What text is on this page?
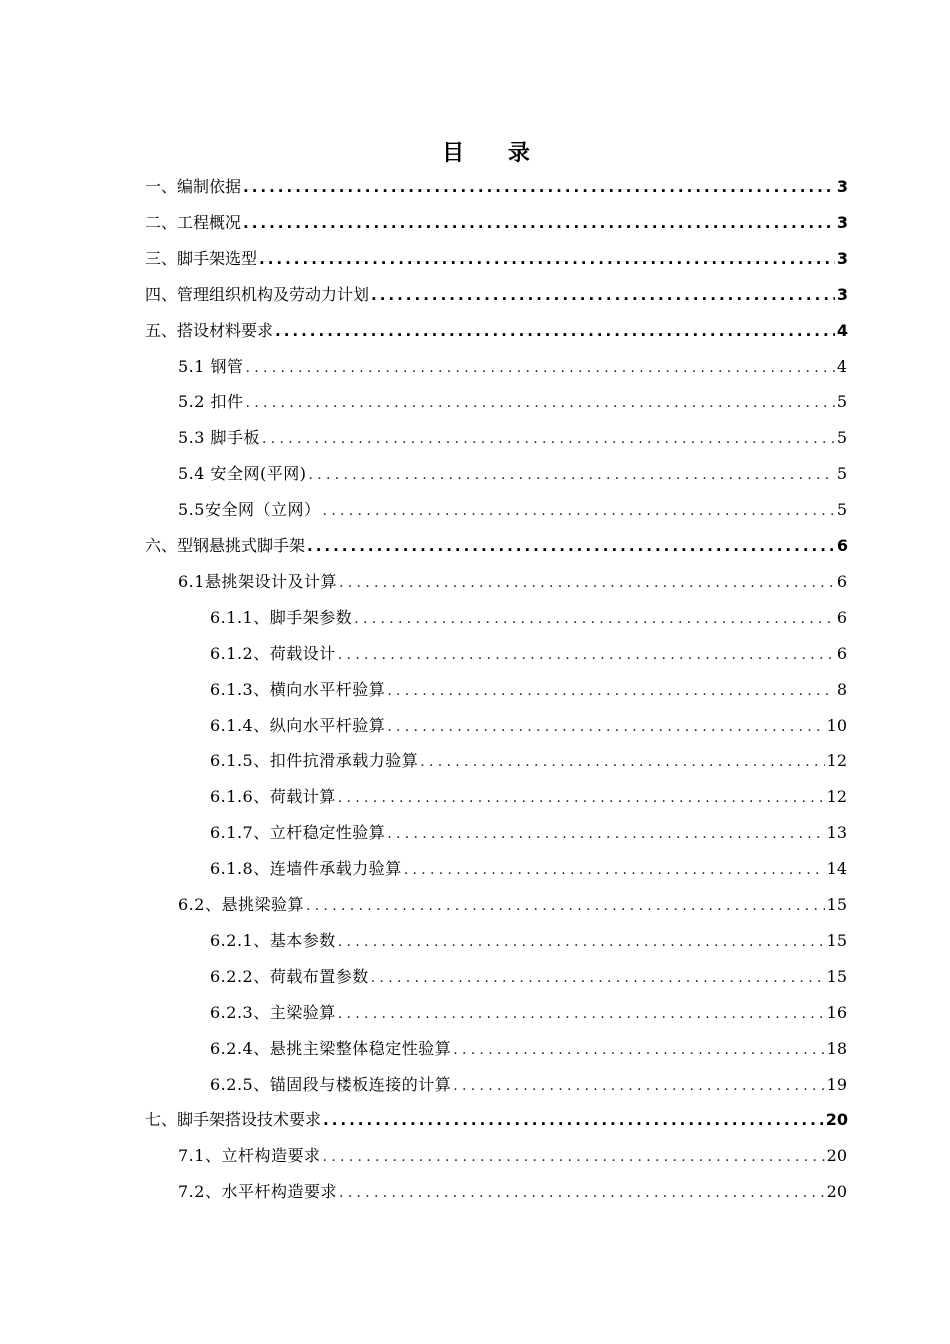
目 录
一、编制依据 .....	3
二、工程概况 .....	3
三、脚手架选型 .....	3
四、管理组织机构及劳动力计划 .....	3
五、搭设材料要求 .....	4
5.1 钢管 .....	4
5.2 扣件 .....	5
5.3 脚手板 .....	5
5.4 安全网(平网) .....	5
5.5安全网（立网） .....	5
六、型钢悬挑式脚手架 .....	6
6.1悬挑架设计及计算 .....	6
6.1.1、脚手架参数 .....	6
6.1.2、荷载设计 .....	6
6.1.3、横向水平杆验算 .....	8
6.1.4、纵向水平杆验算 .....	10
6.1.5、扣件抗滑承载力验算 .....	12
6.1.6、荷载计算 .....	12
6.1.7、立杆稳定性验算 .....	13
6.1.8、连墙件承载力验算 .....	14
6.2、悬挑梁验算 .....	15
6.2.1、基本参数 .....	15
6.2.2、荷载布置参数 .....	15
6.2.3、主梁验算 .....	16
6.2.4、悬挑主梁整体稳定性验算 .....	18
6.2.5、锚固段与楼板连接的计算 .....	19
七、脚手架搭设技术要求 .....	20
7.1、立杆构造要求 .....	20
7.2、水平杆构造要求 .....	20
